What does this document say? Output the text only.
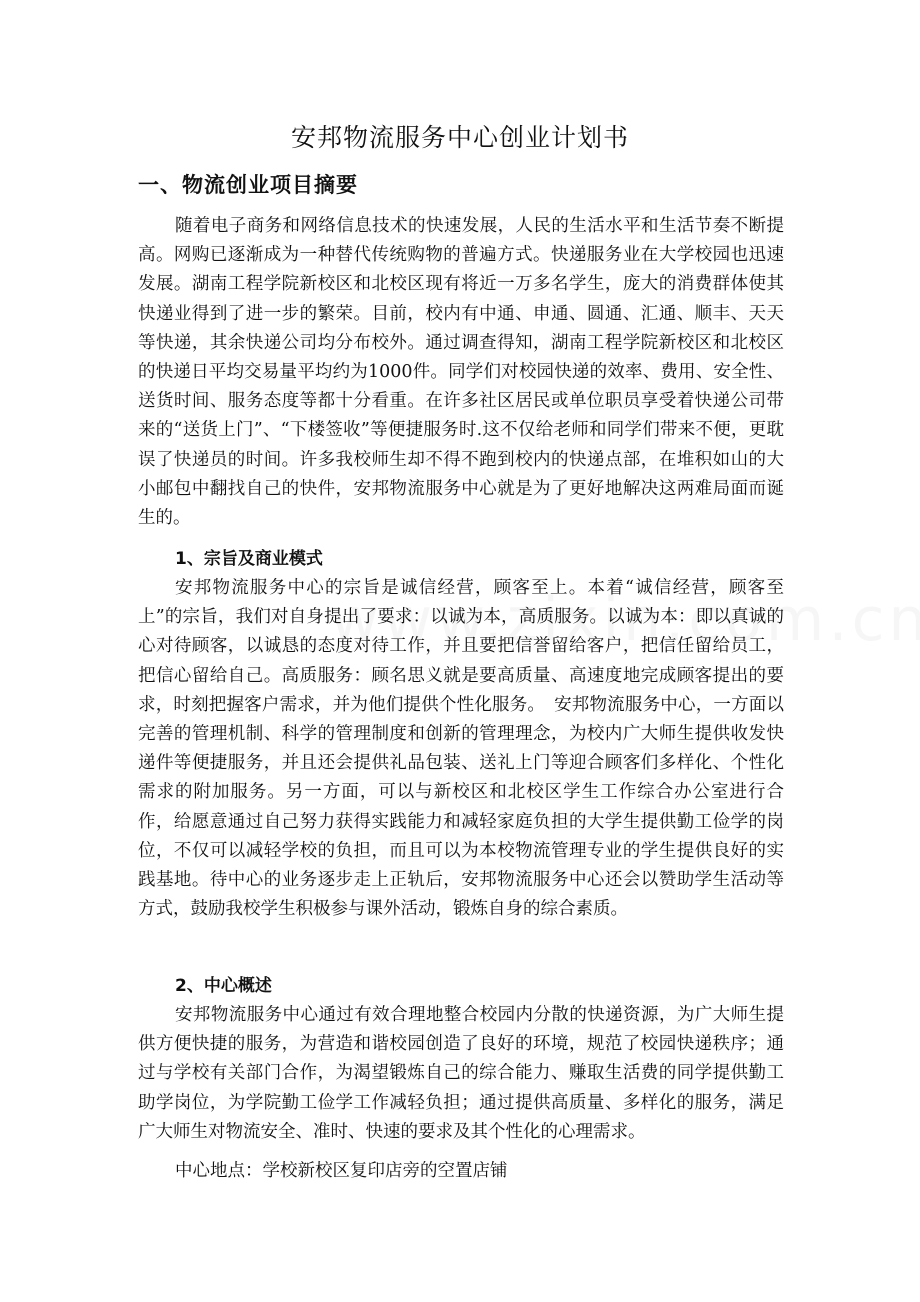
安邦物流服务中心创业计划书
一、物流创业项目摘要

随着电子商务和网络信息技术的快速发展，人民的生活水平和生活节奏不断提高。网购已逐渐成为一种替代传统购物的普遍方式。快递服务业在大学校园也迅速发展。湖南工程学院新校区和北校区现有将近一万多名学生，庞大的消费群体使其快递业得到了进一步的繁荣。目前，校内有中通、申通、圆通、汇通、顺丰、天天等快递，其余快递公司均分布校外。通过调查得知，湖南工程学院新校区和北校区的快递日平均交易量平均约为1000件。同学们对校园快递的效率、费用、安全性、送货时间、服务态度等都十分看重。在许多社区居民或单位职员享受着快递公司带来的“送货上门”、“下楼签收”等便捷服务时.这不仅给老师和同学们带来不便，更耽误了快递员的时间。许多我校师生却不得不跑到校内的快递点部，在堆积如山的大小邮包中翻找自己的快件，安邦物流服务中心就是为了更好地解决这两难局面而诞生的。

1、宗旨及商业模式

安邦物流服务中心的宗旨是诚信经营，顾客至上。本着“诚信经营，顾客至上”的宗旨，我们对自身提出了要求：以诚为本，高质服务。以诚为本：即以真诚的心对待顾客，以诚恳的态度对待工作，并且要把信誉留给客户，把信任留给员工，把信心留给自己。高质服务：顾名思义就是要高质量、高速度地完成顾客提出的要求，时刻把握客户需求，并为他们提供个性化服务。　安邦物流服务中心，一方面以完善的管理机制、科学的管理制度和创新的管理理念，为校内广大师生提供收发快递件等便捷服务，并且还会提供礼品包装、送礼上门等迎合顾客们多样化、个性化需求的附加服务。另一方面，可以与新校区和北校区学生工作综合办公室进行合作，给愿意通过自己努力获得实践能力和减轻家庭负担的大学生提供勤工俭学的岗位，不仅可以减轻学校的负担，而且可以为本校物流管理专业的学生提供良好的实践基地。待中心的业务逐步走上正轨后，安邦物流服务中心还会以赞助学生活动等方式，鼓励我校学生积极参与课外活动，锻炼自身的综合素质。

2、中心概述

安邦物流服务中心通过有效合理地整合校园内分散的快递资源，为广大师生提供方便快捷的服务，为营造和谐校园创造了良好的环境，规范了校园快递秩序；通过与学校有关部门合作，为渴望锻炼自己的综合能力、赚取生活费的同学提供勤工助学岗位，为学院勤工俭学工作减轻负担；通过提供高质量、多样化的服务，满足广大师生对物流安全、准时、快速的要求及其个性化的心理需求。

中心地点：学校新校区复印店旁的空置店铺
